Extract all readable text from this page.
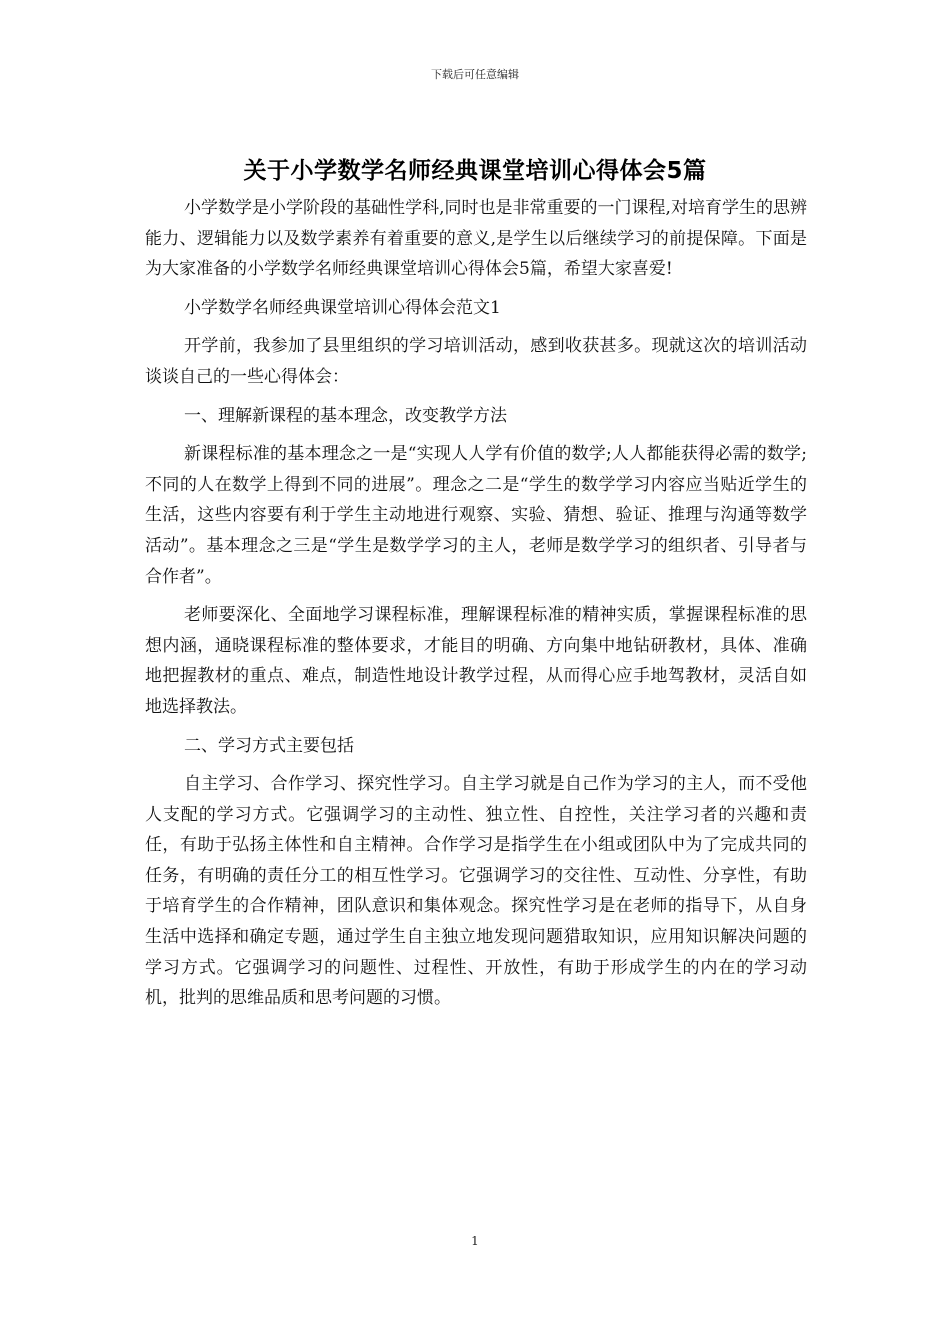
下载后可任意编辑
关于小学数学名师经典课堂培训心得体会5篇

小学数学是小学阶段的基础性学科,同时也是非常重要的一门课程,对培育学生的思辨能力、逻辑能力以及数学素养有着重要的意义,是学生以后继续学习的前提保障。下面是为大家准备的小学数学名师经典课堂培训心得体会5篇，希望大家喜爱!

小学数学名师经典课堂培训心得体会范文1

开学前，我参加了县里组织的学习培训活动，感到收获甚多。现就这次的培训活动谈谈自己的一些心得体会：

一、理解新课程的基本理念，改变教学方法

新课程标准的基本理念之一是“实现人人学有价值的数学;人人都能获得必需的数学;不同的人在数学上得到不同的进展”。理念之二是“学生的数学学习内容应当贴近学生的生活，这些内容要有利于学生主动地进行观察、实验、猜想、验证、推理与沟通等数学活动”。基本理念之三是“学生是数学学习的主人，老师是数学学习的组织者、引导者与合作者”。

老师要深化、全面地学习课程标准，理解课程标准的精神实质，掌握课程标准的思想内涵，通晓课程标准的整体要求，才能目的明确、方向集中地钻研教材，具体、准确地把握教材的重点、难点，制造性地设计教学过程，从而得心应手地驾教材，灵活自如地选择教法。

二、学习方式主要包括

自主学习、合作学习、探究性学习。自主学习就是自己作为学习的主人，而不受他人支配的学习方式。它强调学习的主动性、独立性、自控性，关注学习者的兴趣和责任，有助于弘扬主体性和自主精神。合作学习是指学生在小组或团队中为了完成共同的任务，有明确的责任分工的相互性学习。它强调学习的交往性、互动性、分享性，有助于培育学生的合作精神，团队意识和集体观念。探究性学习是在老师的指导下，从自身生活中选择和确定专题，通过学生自主独立地发现问题猎取知识，应用知识解决问题的学习方式。它强调学习的问题性、过程性、开放性，有助于形成学生的内在的学习动机，批判的思维品质和思考问题的习惯。

1
